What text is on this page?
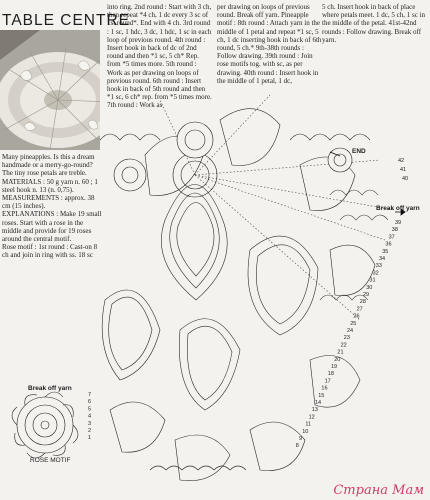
TABLE CENTRE

Many pineapples. Is this a dream handmade or a merry-go-round? The tiny rose petals are treble.

MATERIALS : 50 g yarn n. 60 ; 1 steel hook n. 13 (n. 0,75).

MEASUREMENTS : approx. 38 cm (15 inches).

EXPLANATIONS : Make 19 small roses. Start with a rose in the middle and provide for 19 roses around the central motif.

Rose motif : 1st round : Cast-on 8 ch and join in ring with ss. 18 sc

into ring. 2nd round : Start with 3 ch, then repeat *4 ch, 1 dc every 3 sc of 1st round*. End with 4 ch. 3rd round : 1 sc, 1 hdc, 3 dc, 1 hdc, 1 sc in each loop of previous round. 4th round : Insert hook in back of dc of 2nd round and then *1 sc, 5 ch* Rep. from *5 times more. 5th round : Work as per drawing on loops of previous round. 6th round : Insert hook in back of 5th round and then *1 sc, 6 ch* rep. from *5 times more. 7th round : Work as
per drawing on loops of previous round. Break off yarn. Pineapple motif : 8th round : Attach yarn in the middle of 1 petal and repeat *1 sc, 5 ch, 1 dc inserting hook in back of 6th round, 5 ch.* 9th-38th rounds : Follow drawing. 39th round : Join rose motifs tog. with sc, as per drawing. 40th round : Insert hook in the middle of 1 petal, 1 dc,
5 ch. Insert hook in back of place where petals meet. 1 dc, 5 ch, 1 sc in the middle of the petal. 41st-42nd rounds : Follow drawing. Break off yarn.
42
41
40
39
38
37
36
35
34
33
32
31
30
29
28
27
26
25
24
23
22
21
20
19
18
17
16
15
14
13
12
11
10
9
8
7
6
5
4
3
2
1
END
Break off yarn
Break off yarn
ROSE MOTIF
Страна Мам
